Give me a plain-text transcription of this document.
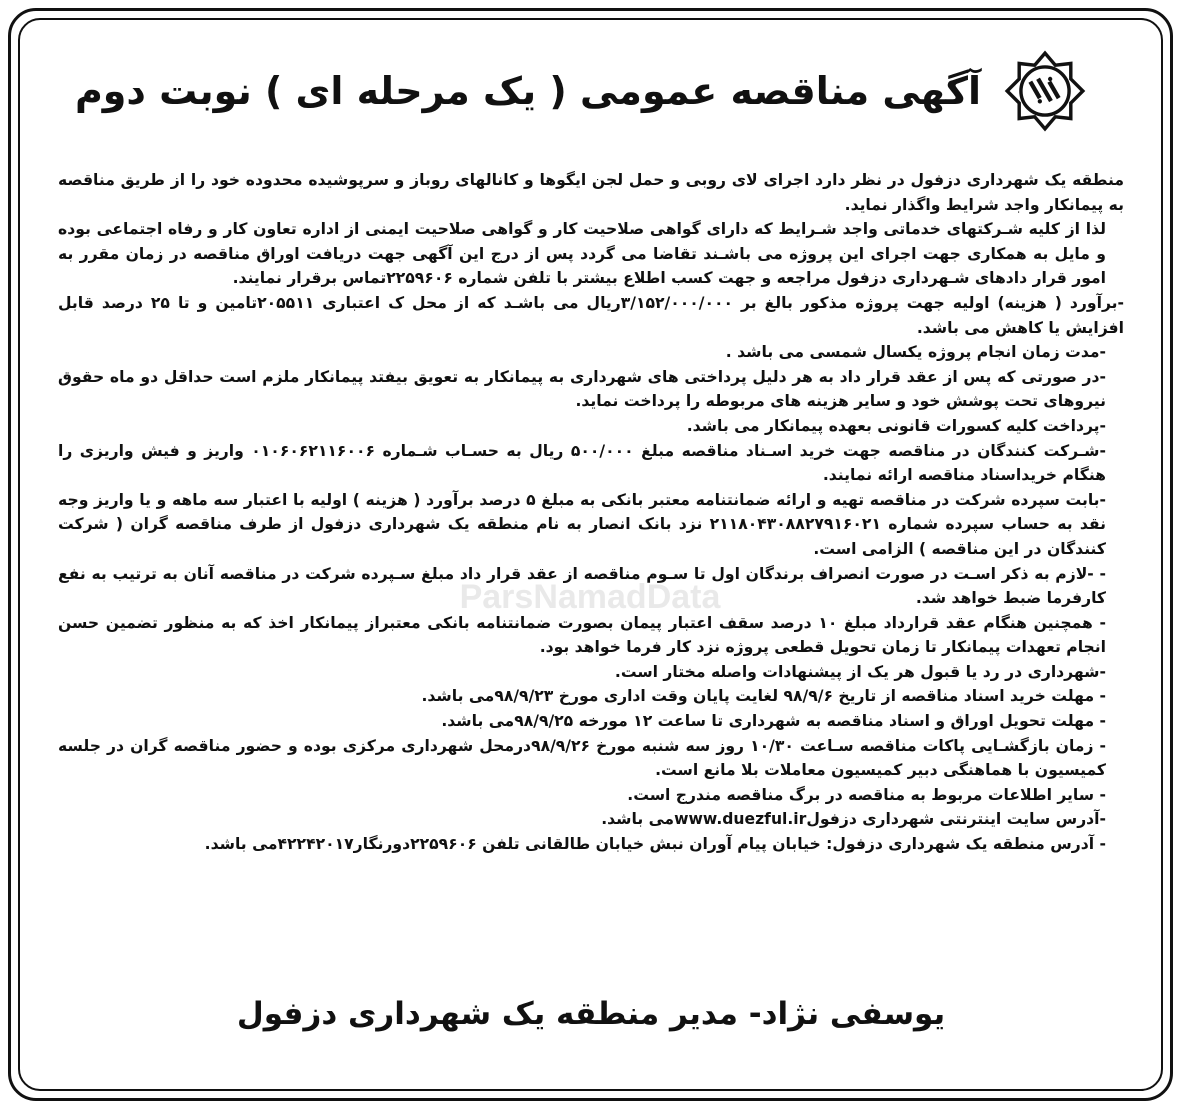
آگهی مناقصه عمومی ( یک مرحله ای ) نوبت دوم
ParsNamadData

منطقه یک شهرداری دزفول در نظر دارد اجرای لای روبی و حمل لجن ایگوها و کانالهای روباز و سرپوشیده محدوده خود را از طریق مناقصه به پیمانکار واجد شرایط واگذار نماید.

لذا از کلیه شـرکتهای خدماتی واجد شـرایط که دارای گواهی صلاحیت کار و گواهی صلاحیت ایمنی از اداره تعاون کار و رفاه اجتماعی بوده و مایل به همکاری جهت اجرای این پروژه می باشـند تقاضا می گردد پس از درج این آگهی جهت دریافت اوراق مناقصه در زمان مقرر به امور قرار دادهای شـهرداری دزفول مراجعه و جهت کسب اطلاع بیشتر با تلفن شماره ۲۲۵۹۶۰۶تماس برقرار نمایند.

-برآورد ( هزینه) اولیه جهت پروژه مذکور بالغ بر ۳/۱۵۲/۰۰۰/۰۰۰ریال می باشـد که از محل ک اعتباری ۲۰۵۵۱۱تامین و تا ۲۵ درصد قابل افزایش یا کاهش می باشد.

-مدت زمان انجام پروژه یکسال شمسی می باشد .

-در صورتی که پس از عقد قرار داد به هر دلیل پرداختی های شهرداری به پیمانکار به تعویق بیفتد پیمانکار ملزم است حداقل دو ماه حقوق نیروهای تحت پوشش خود و سایر هزینه های مربوطه را پرداخت نماید.

-پرداخت کلیه کسورات قانونی بعهده پیمانکار می باشد.

-شـرکت کنندگان در مناقصه جهت خرید اسـناد مناقصه مبلغ ۵۰۰/۰۰۰ ریال به حسـاب شـماره ۰۱۰۶۰۶۲۱۱۶۰۰۶ واریز و فیش واریزی را هنگام خریداسناد مناقصه ارائه نمایند.

-بابت سپرده شرکت در مناقصه تهیه و ارائه ضمانتنامه معتبر بانکی به مبلغ ۵ درصد برآورد ( هزینه ) اولیه با اعتبار سه ماهه و یا واریز وجه نقد به حساب سپرده شماره ۲۱۱۸۰۴۳۰۸۸۲۷۹۱۶۰۲۱ نزد بانک انصار به نام منطقه یک شهرداری دزفول از طرف مناقصه گران ( شرکت کنندگان در این مناقصه ) الزامی است.

- -لازم به ذکر اسـت در صورت انصراف برندگان اول تا سـوم مناقصه از عقد قرار داد مبلغ سـپرده شرکت در مناقصه آنان به ترتیب به نفع کارفرما ضبط خواهد شد.

- همچنین هنگام عقد قرارداد مبلغ ۱۰ درصد سقف اعتبار پیمان بصورت ضمانتنامه بانکی معتبراز پیمانکار اخذ که به منظور تضمین حسن انجام تعهدات پیمانکار تا زمان تحویل قطعی پروژه نزد کار فرما خواهد بود.

-شهرداری در رد یا قبول هر یک از پیشنهادات واصله مختار است.

- مهلت خرید اسناد مناقصه از تاریخ ۹۸/۹/۶ لغایت پایان وقت اداری مورخ ۹۸/۹/۲۳می باشد.

- مهلت تحویل اوراق و اسناد مناقصه به شهرداری تا ساعت ۱۲ مورخه ۹۸/۹/۲۵می باشد.

- زمان بازگشـایی پاکات مناقصه سـاعت ۱۰/۳۰ روز سه شنبه مورخ ۹۸/۹/۲۶درمحل شهرداری مرکزی بوده و حضور مناقصه گران در جلسه کمیسیون با هماهنگی دبیر کمیسیون معاملات بلا مانع است.

- سایر اطلاعات مربوط به مناقصه در برگ مناقصه مندرج است.

-آدرس سایت اینترنتی شهرداری دزفولwww.duezful.irمی باشد.

- آدرس منطقه یک شهرداری دزفول: خیابان پیام آوران نبش خیابان طالقانی تلفن ۲۲۵۹۶۰۶دورنگار۴۲۲۴۲۰۱۷می باشد.

یوسفی نژاد- مدیر منطقه یک شهرداری دزفول
